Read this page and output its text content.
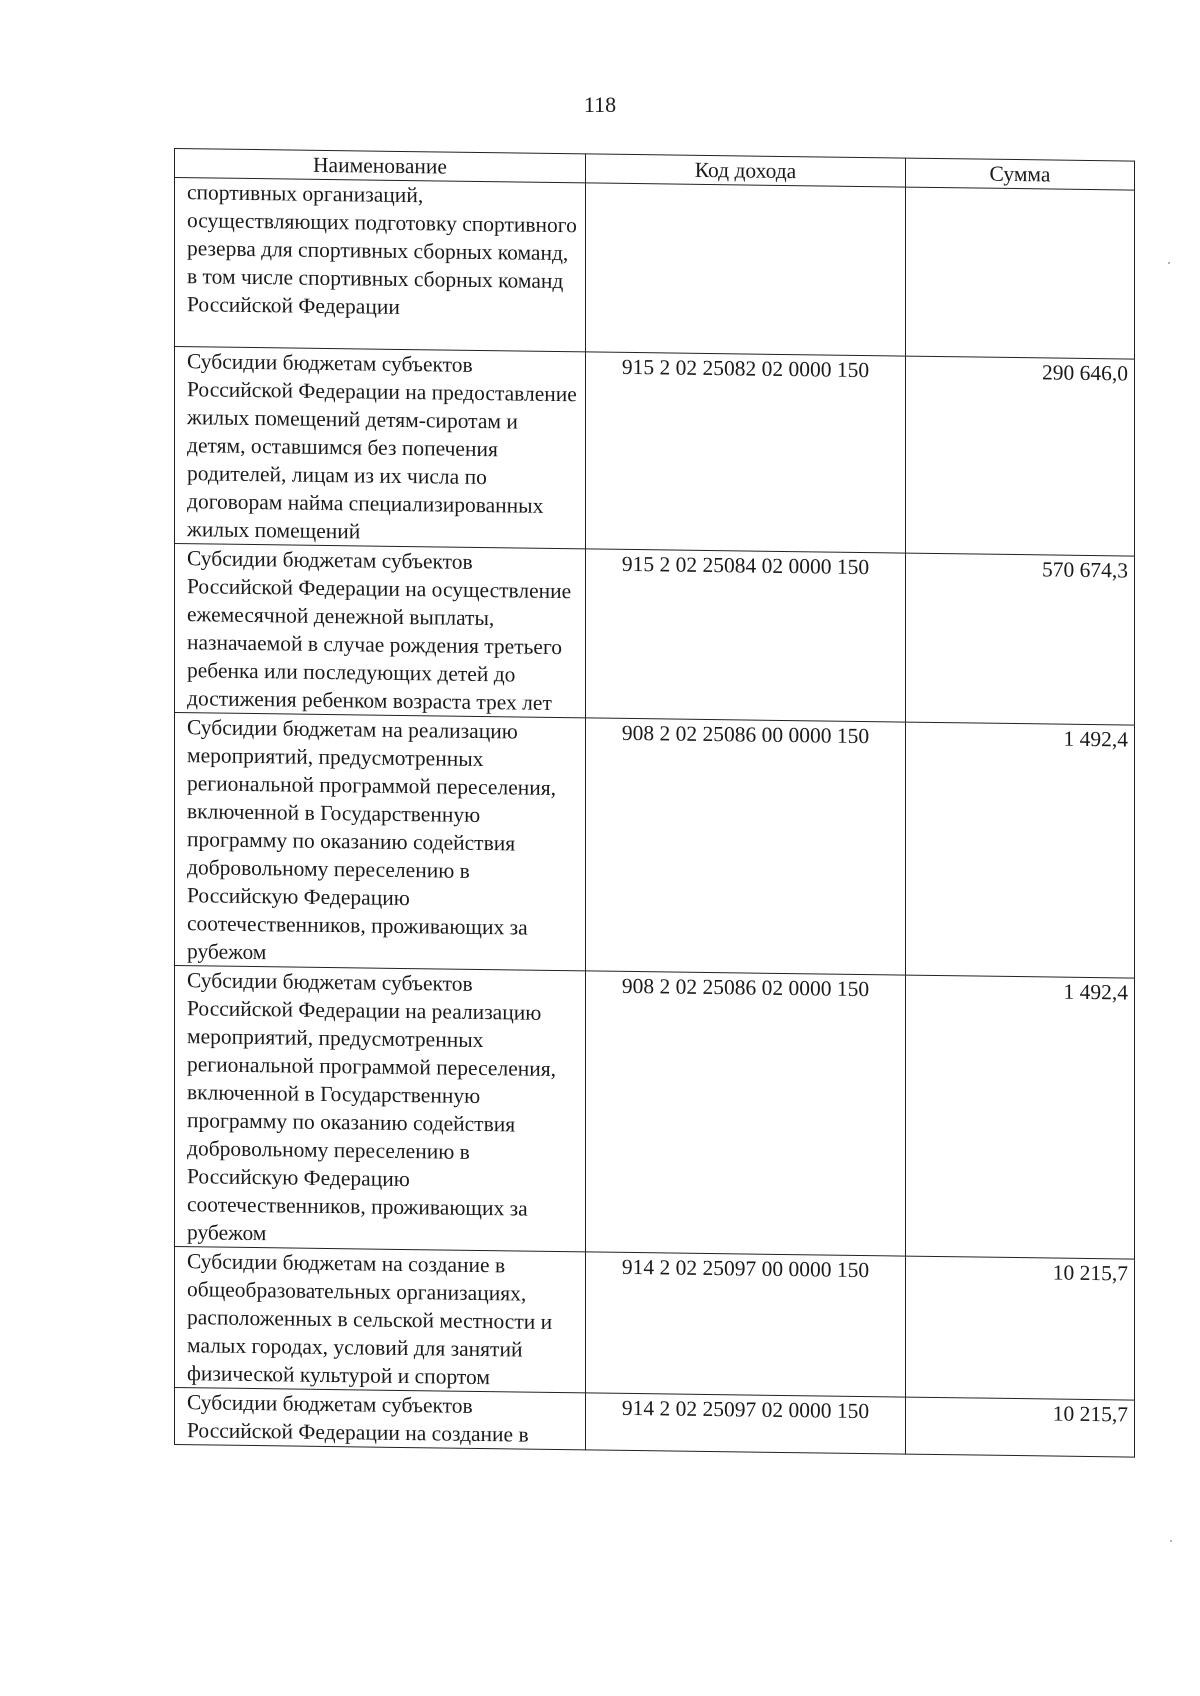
118
Наименование	Код дохода	Сумма
спортивных организаций, осуществляющих подготовку спортивного резерва для спортивных сборных команд, в том числе спортивных сборных команд Российской Федерации		
Субсидии бюджетам субъектов Российской Федерации на предоставление жилых помещений детям-сиротам и детям, оставшимся без попечения родителей, лицам из их числа по договорам найма специализированных жилых помещений	915 2 02 25082 02 0000 150	290 646,0
Субсидии бюджетам субъектов Российской Федерации на осуществление ежемесячной денежной выплаты, назначаемой в случае рождения третьего ребенка или последующих детей до достижения ребенком возраста трех лет	915 2 02 25084 02 0000 150	570 674,3
Субсидии бюджетам на реализацию мероприятий, предусмотренных региональной программой переселения, включенной в Государственную программу по оказанию содействия добровольному переселению в Российскую Федерацию соотечественников, проживающих за рубежом	908 2 02 25086 00 0000 150	1 492,4
Субсидии бюджетам субъектов Российской Федерации на реализацию мероприятий, предусмотренных региональной программой переселения, включенной в Государственную программу по оказанию содействия добровольному переселению в Российскую Федерацию соотечественников, проживающих за рубежом	908 2 02 25086 02 0000 150	1 492,4
Субсидии бюджетам на создание в общеобразовательных организациях, расположенных в сельской местности и малых городах, условий для занятий физической культурой и спортом	914 2 02 25097 00 0000 150	10 215,7
Субсидии бюджетам субъектов Российской Федерации на создание в	914 2 02 25097 02 0000 150	10 215,7
